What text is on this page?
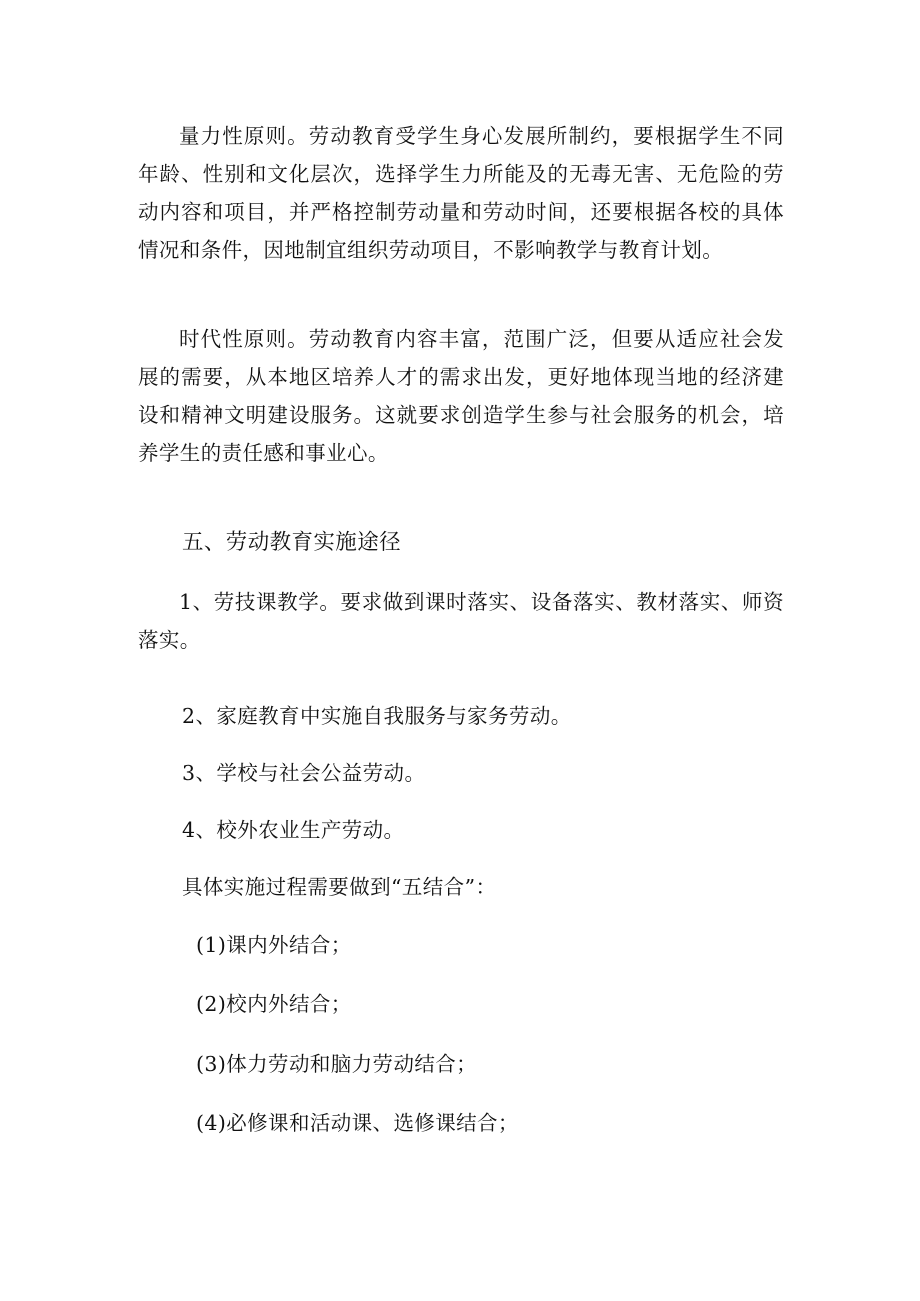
量力性原则。劳动教育受学生身心发展所制约，要根据学生不同年龄、性别和文化层次，选择学生力所能及的无毒无害、无危险的劳动内容和项目，并严格控制劳动量和劳动时间，还要根据各校的具体情况和条件，因地制宜组织劳动项目，不影响教学与教育计划。

时代性原则。劳动教育内容丰富，范围广泛，但要从适应社会发展的需要，从本地区培养人才的需求出发，更好地体现当地的经济建设和精神文明建设服务。这就要求创造学生参与社会服务的机会，培养学生的责任感和事业心。

五、劳动教育实施途径

1、劳技课教学。要求做到课时落实、设备落实、教材落实、师资落实。

2、家庭教育中实施自我服务与家务劳动。

3、学校与社会公益劳动。

4、校外农业生产劳动。

具体实施过程需要做到“五结合”：

(1)课内外结合；

(2)校内外结合；

(3)体力劳动和脑力劳动结合；

(4)必修课和活动课、选修课结合；
